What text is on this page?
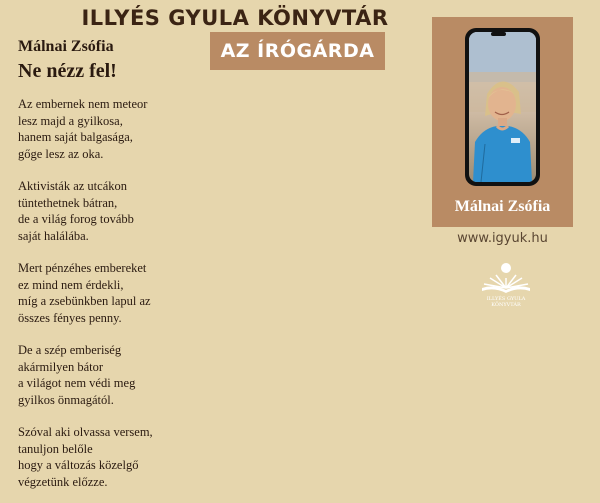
ILLYÉS GYULA KÖNYVTÁR
AZ ÍRÓGÁRDA
Málnai Zsófia
Ne nézz fel!
Az embernek nem meteor
lesz majd a gyilkosa,
hanem saját balgasága,
gőge lesz az oka.
Aktivisták az utcákon
tüntethetnek bátran,
de a világ forog tovább
saját halálába.
Mert pénzéhes embereket
ez mind nem érdekli,
míg a zsebünkben lapul az
összes fényes penny.
De a szép emberiség
akármilyen bátor
a világot nem védi meg
gyilkos önmagától.
Szóval aki olvassa versem,
tanuljon belőle
hogy a változás közelgő
végzetünk előzze.
Málnai Zsófia
www.igyuk.hu
ILLYÉS GYULA
KÖNYVTÁR
